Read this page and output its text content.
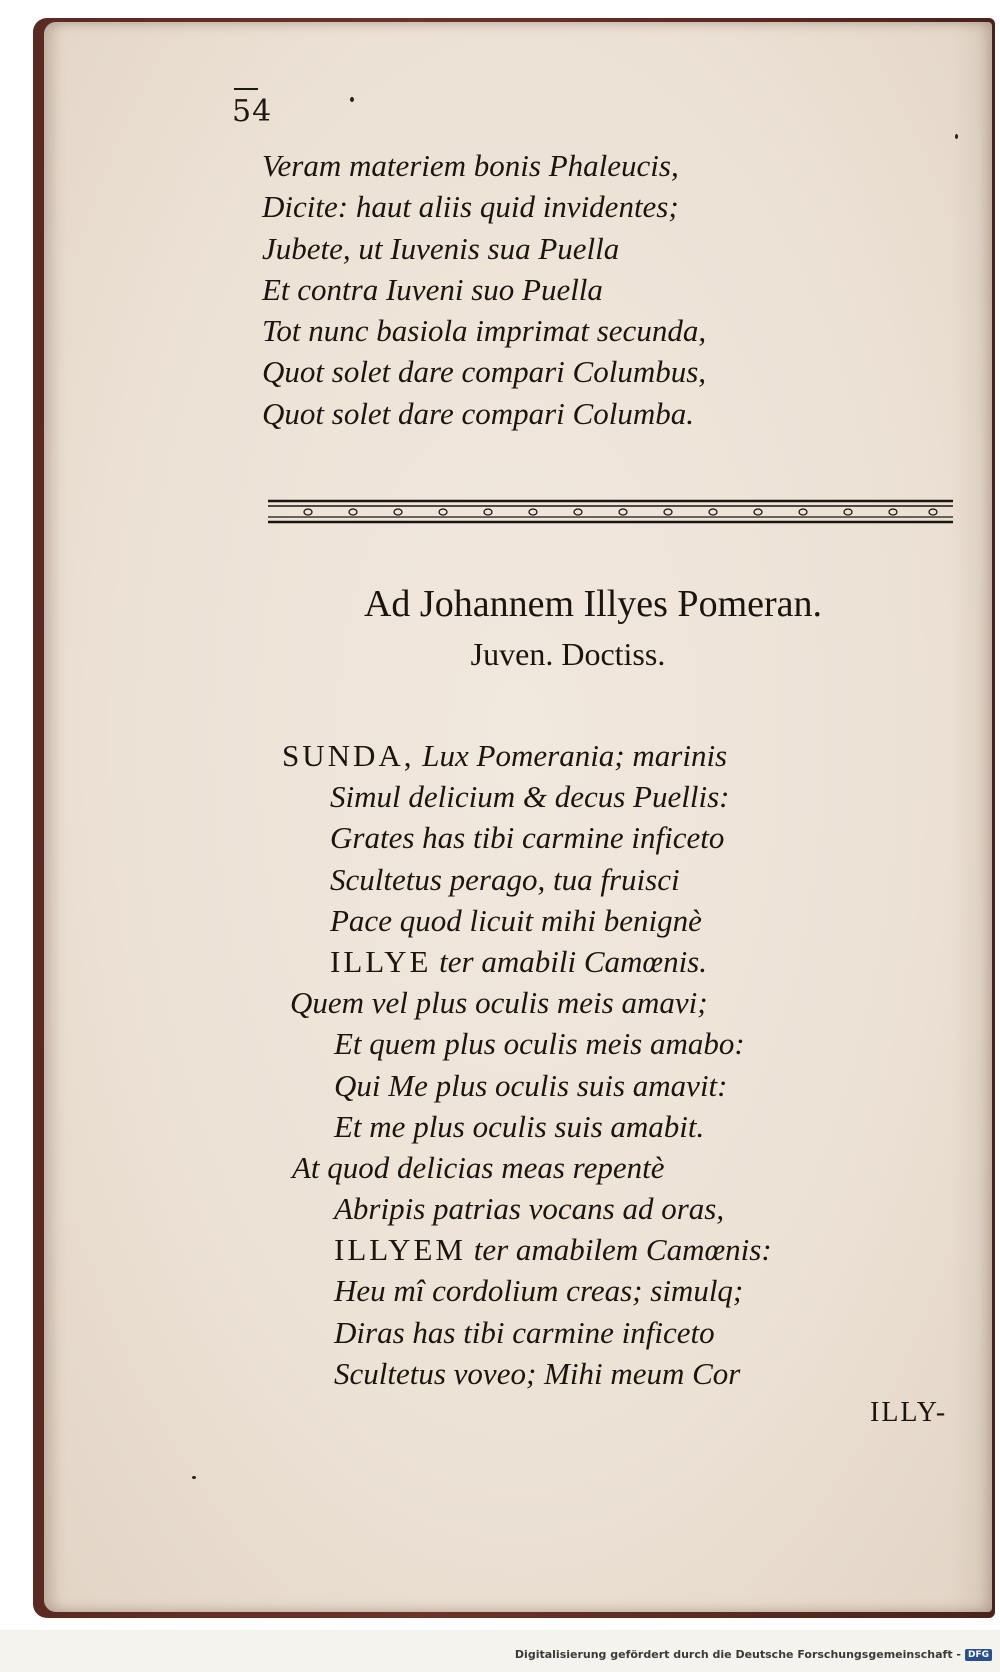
54
Veram materiem bonis Phaleucis,
Dicite: haut aliis quid invidentes;
Jubete, ut Iuvenis sua Puella
Et contra Iuveni suo Puella
Tot nunc basiola imprimat secunda,
Quot solet dare compari Columbus,
Quot solet dare compari Columba.
Ad Johannem Illyes Pomeran.
Juven. Doctiss.
SUNDA, Lux Pomerania; marinis
Simul delicium & decus Puellis:
Grates has tibi carmine inficeto
Scultetus perago, tua fruisci
Pace quod licuit mihi benignè
ILLYE ter amabili Camœnis.
Quem vel plus oculis meis amavi;
Et quem plus oculis meis amabo:
Qui Me plus oculis suis amavit:
Et me plus oculis suis amabit.
At quod delicias meas repentè
Abripis patrias vocans ad oras,
ILLYEM ter amabilem Camœnis:
Heu mî cordolium creas; simulq;
Diras has tibi carmine inficeto
Scultetus voveo; Mihi meum Cor
ILLY-
Digitalisierung gefördert durch die Deutsche Forschungsgemeinschaft - DFG
